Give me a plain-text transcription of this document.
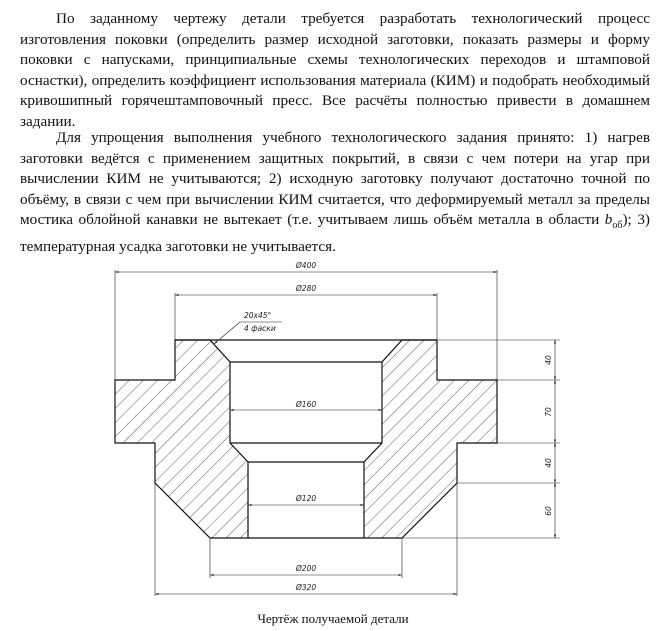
По заданному чертежу детали требуется разработать технологический процесс изготовления поковки (определить размер исходной заготовки, показать размеры и форму поковки с напусками, принципиальные схемы технологических переходов и штамповой оснастки), определить коэффициент использования материала (КИМ) и подобрать необходимый кривошипный горячештамповочный пресс. Все расчёты полностью привести в домашнем задании.

Для упрощения выполнения учебного технологического задания принято: 1) нагрев заготовки ведётся с применением защитных покрытий, в связи с чем потери на угар при вычислении КИМ не учитываются; 2) исходную заготовку получают достаточно точной по объёму, в связи с чем при вычислении КИМ считается, что деформируемый металл за пределы мостика облойной канавки не вытекает (т.е. учитываем лишь объём металла в области $b_{об}$); 3) температурная усадка заготовки не учитывается.

Ø400
Ø280
20x45°
4 фаски
Ø160
Ø120
Ø200
Ø320
40
70
40
60
Чертёж получаемой детали
